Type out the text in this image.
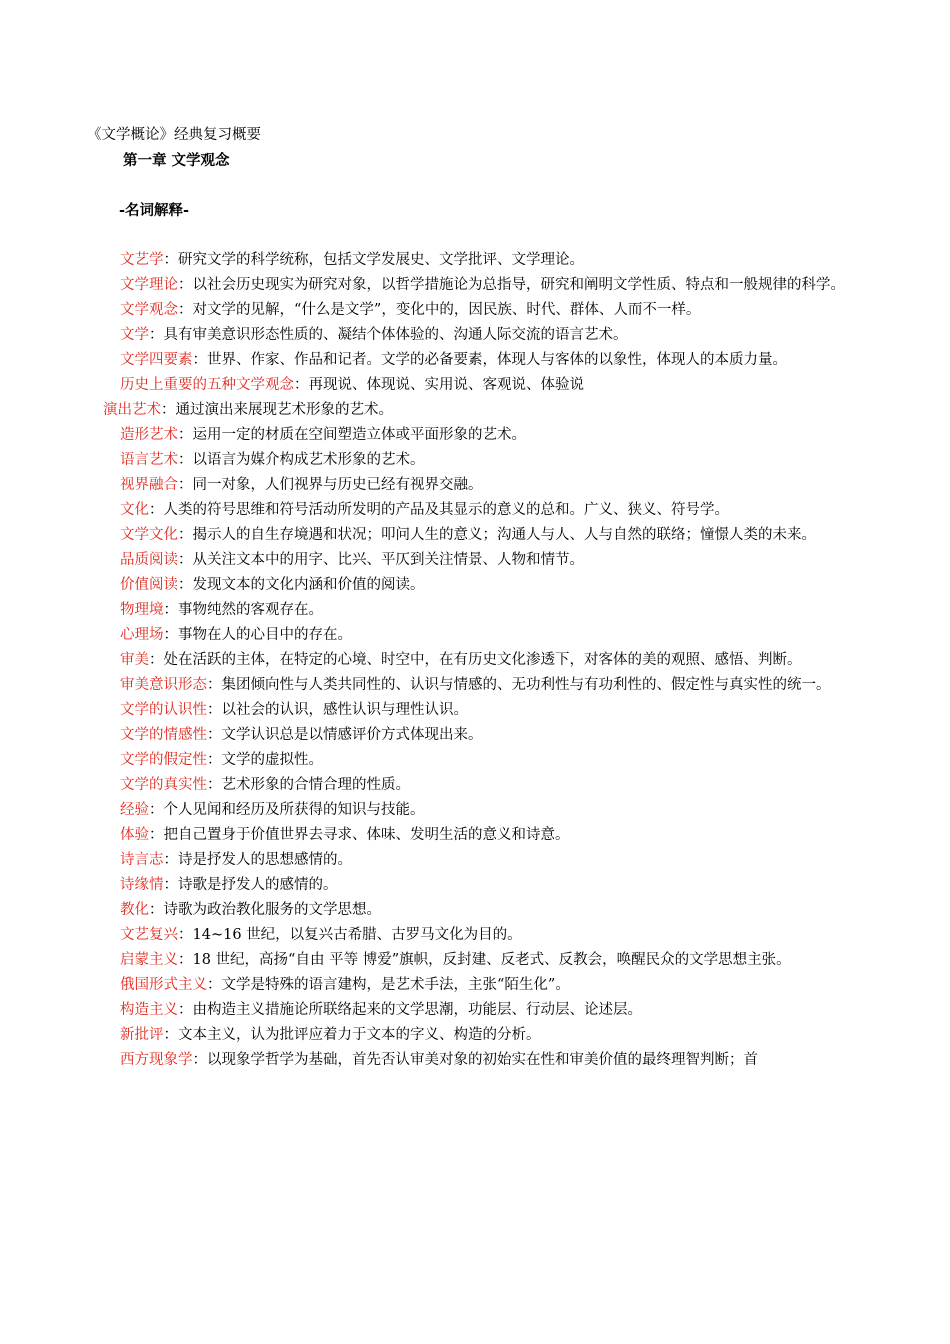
《文学概论》经典复习概要

第一章 文学观念

-名词解释-

文艺学：研究文学的科学统称，包括文学发展史、文学批评、文学理论。
文学理论：以社会历史现实为研究对象，以哲学措施论为总指导，研究和阐明文学性质、特点和一般规律的科学。
文学观念：对文学的见解，“什么是文学”，变化中的，因民族、时代、群体、人而不一样。
文学：具有审美意识形态性质的、凝结个体体验的、沟通人际交流的语言艺术。
文学四要素：世界、作家、作品和记者。文学的必备要素，体现人与客体的以象性，体现人的本质力量。
历史上重要的五种文学观念：再现说、体现说、实用说、客观说、体验说
演出艺术：通过演出来展现艺术形象的艺术。
造形艺术：运用一定的材质在空间塑造立体或平面形象的艺术。
语言艺术：以语言为媒介构成艺术形象的艺术。
视界融合：同一对象，人们视界与历史已经有视界交融。
文化：人类的符号思维和符号活动所发明的产品及其显示的意义的总和。广义、狭义、符号学。
文学文化：揭示人的自生存境遇和状况；叩问人生的意义；沟通人与人、人与自然的联络；憧憬人类的未来。
品质阅读：从关注文本中的用字、比兴、平仄到关注情景、人物和情节。
价值阅读：发现文本的文化内涵和价值的阅读。
物理境：事物纯然的客观存在。
心理场：事物在人的心目中的存在。
审美：处在活跃的主体，在特定的心境、时空中，在有历史文化渗透下，对客体的美的观照、感悟、判断。
审美意识形态：集团倾向性与人类共同性的、认识与情感的、无功利性与有功利性的、假定性与真实性的统一。
文学的认识性：以社会的认识，感性认识与理性认识。
文学的情感性：文学认识总是以情感评价方式体现出来。
文学的假定性：文学的虚拟性。
文学的真实性：艺术形象的合情合理的性质。
经验：个人见闻和经历及所获得的知识与技能。
体验：把自己置身于价值世界去寻求、体味、发明生活的意义和诗意。
诗言志：诗是抒发人的思想感情的。
诗缘情：诗歌是抒发人的感情的。
教化：诗歌为政治教化服务的文学思想。
文艺复兴：14~16 世纪，以复兴古希腊、古罗马文化为目的。
启蒙主义：18 世纪，高扬“自由 平等 博爱”旗帜，反封建、反老式、反教会，唤醒民众的文学思想主张。
俄国形式主义：文学是特殊的语言建构，是艺术手法，主张“陌生化”。
构造主义：由构造主义措施论所联络起来的文学思潮，功能层、行动层、论述层。
新批评：文本主义，认为批评应着力于文本的字义、构造的分析。
西方现象学：以现象学哲学为基础，首先否认审美对象的初始实在性和审美价值的最终理智判断；首
